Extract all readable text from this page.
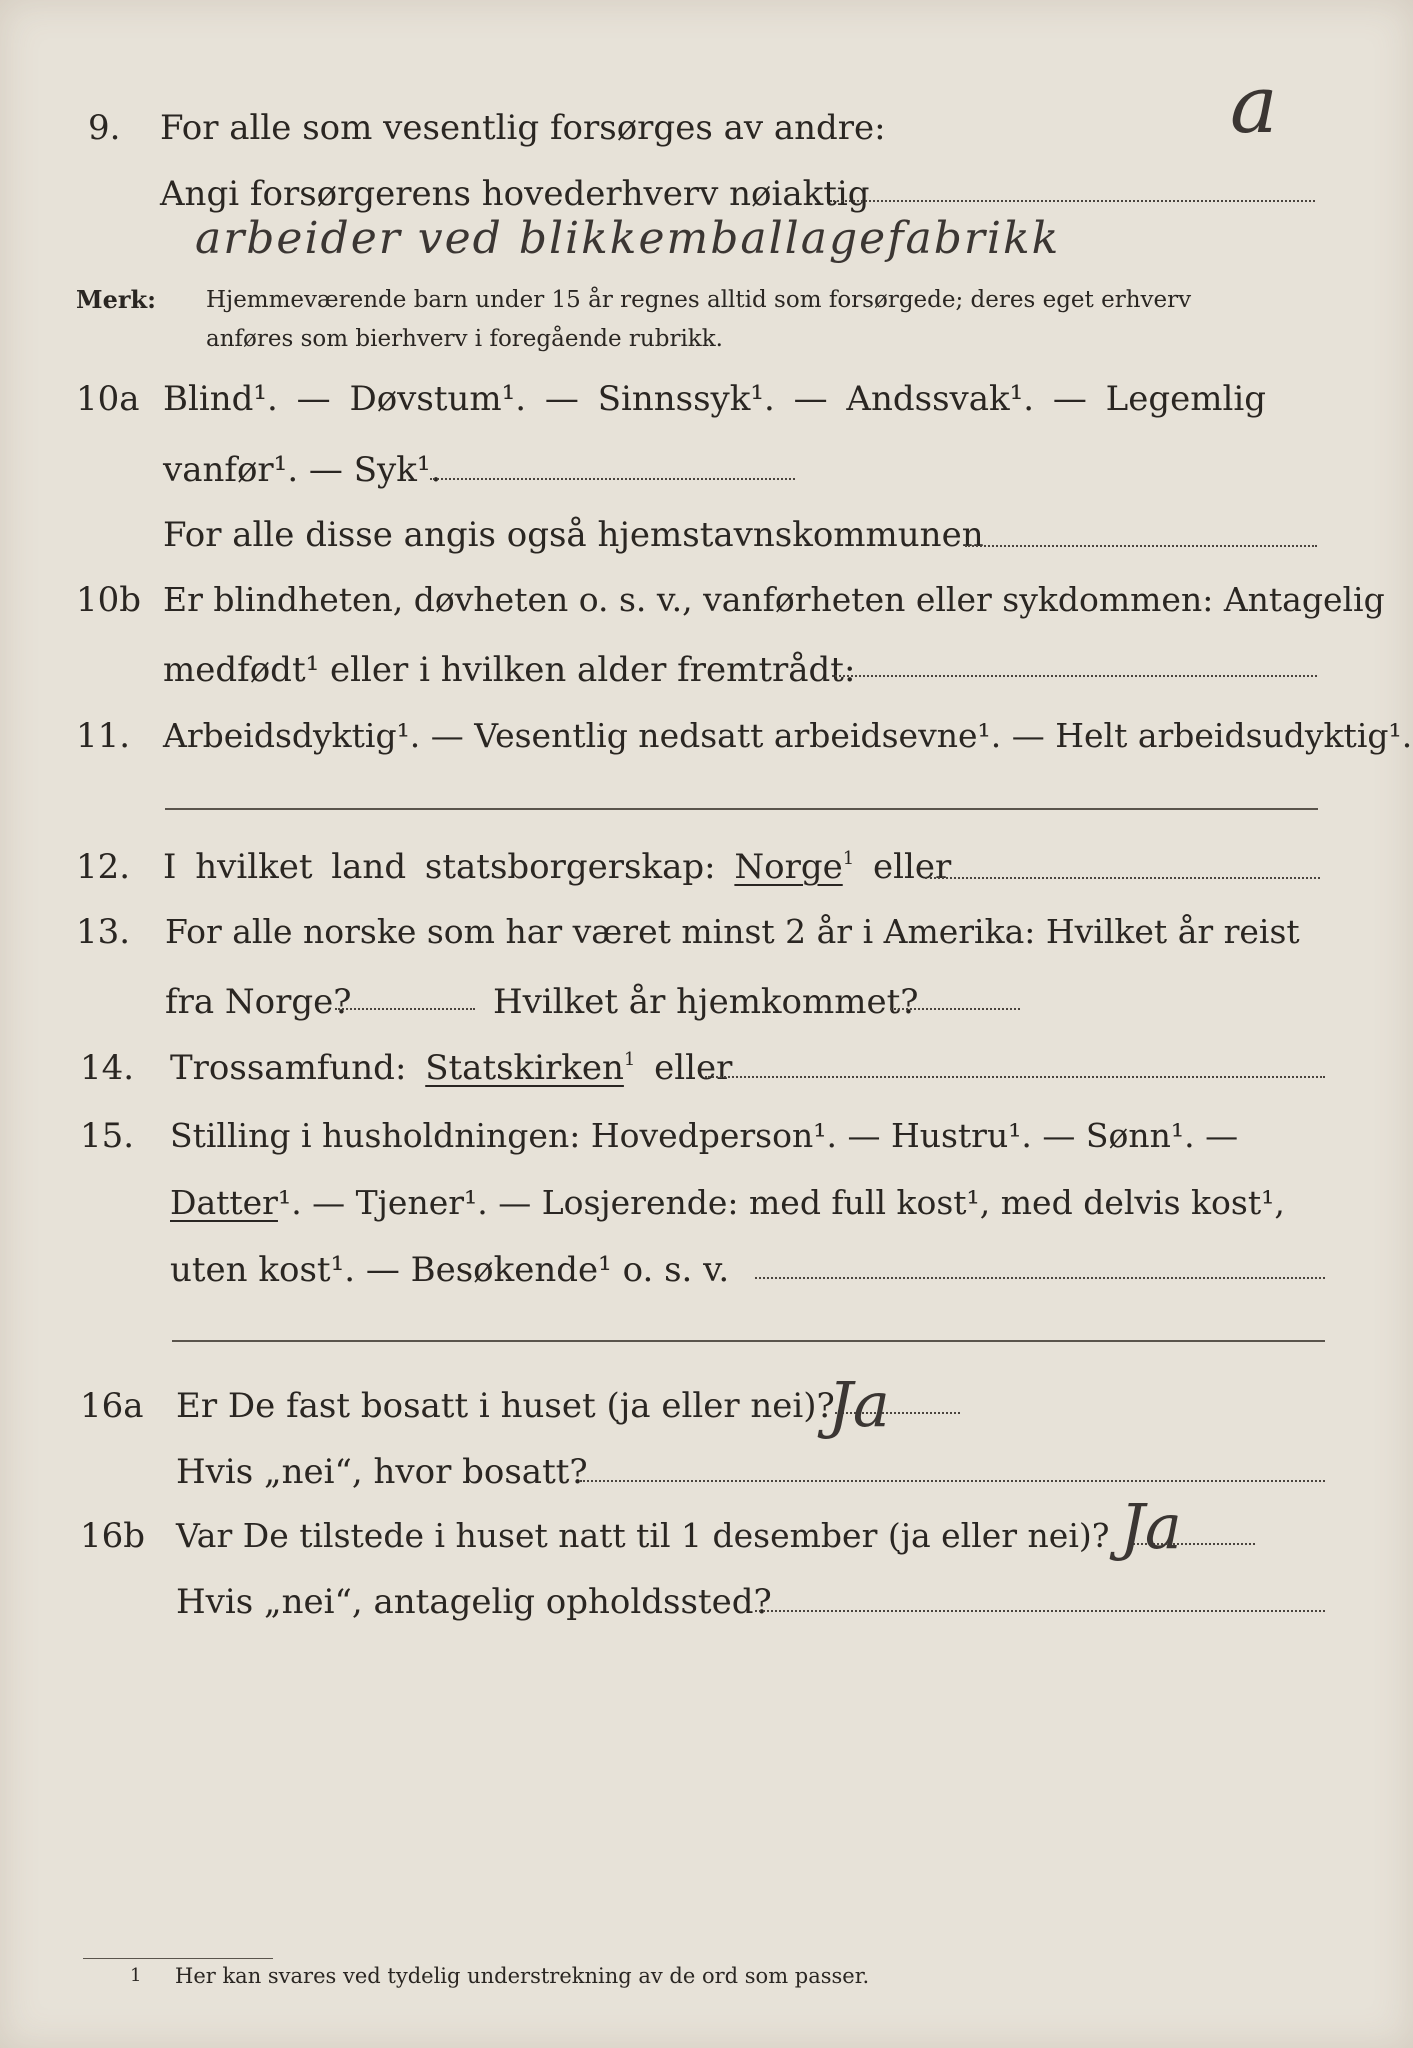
a
9. For alle som vesentlig forsørges av andre:
Angi forsørgerens hovederhverv nøiaktig
arbeider ved blikkemballagefabrikk
Merk: Hjemmeværende barn under 15 år regnes alltid som forsørgede; deres eget erhverv
anføres som bierhverv i foregående rubrikk.
10a Blind¹. — Døvstum¹. — Sinnssyk¹. — Andssvak¹. — Legemlig
vanfør¹. — Syk¹.
For alle disse angis også hjemstavnskommunen
10b Er blindheten, døvheten o. s. v., vanførheten eller sykdommen: Antagelig
medfødt¹ eller i hvilken alder fremtrådt:
11. Arbeidsdyktig¹. — Vesentlig nedsatt arbeidsevne¹. — Helt arbeidsudyktig¹.
12. I hvilket land statsborgerskap: Norge$^1$ eller
13. For alle norske som har været minst 2 år i Amerika: Hvilket år reist
fra Norge?	Hvilket år hjemkommet?
14. Trossamfund: Statskirken$^1$ eller
15. Stilling i husholdningen: Hovedperson¹. — Hustru¹. — Sønn¹. —
Datter¹. — Tjener¹. — Losjerende: med full kost¹, med delvis kost¹,
uten kost¹. — Besøkende¹ o. s. v.
16a Er De fast bosatt i huset (ja eller nei)?
Ja
Hvis „nei“, hvor bosatt?
16b Var De tilstede i huset natt til 1 desember (ja eller nei)? Ja
Hvis „nei“, antagelig opholdssted?
1 Her kan svares ved tydelig understrekning av de ord som passer.
